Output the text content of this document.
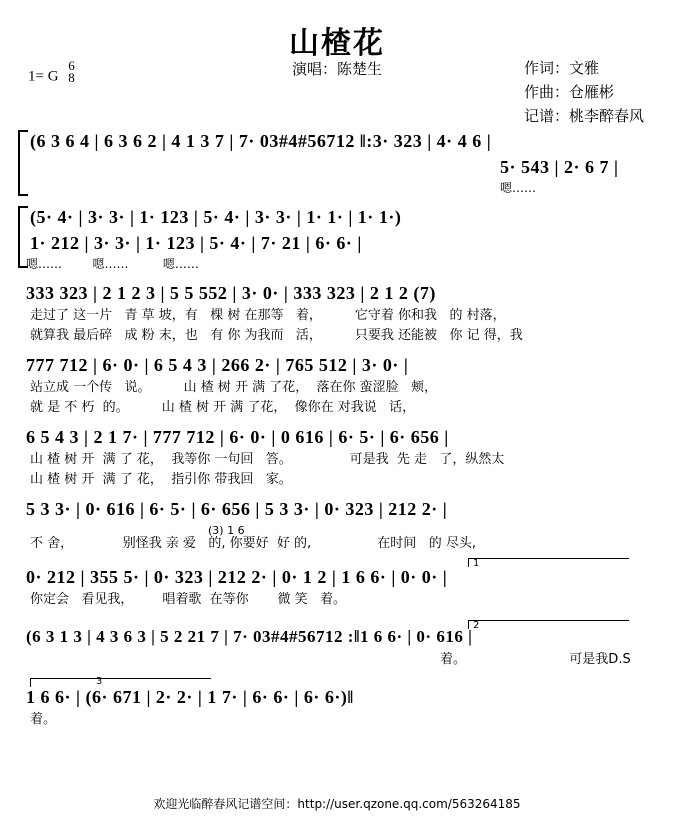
山楂花
演唱：陈楚生
1= G
6
8
作词：文雅
作曲：仓雁彬
记谱：桃李醉春风
(6 3 6 4 | 6 3 6 2 | 4 1 3 7 | 7· 03#4#56712 ‖:3· 323 | 4· 4 6 |
5· 543 | 2· 6 7 |
嗯……
(5· 4· | 3· 3· | 1· 123 | 5· 4· | 3· 3· | 1· 1· | 1· 1·)
1· 212 | 3· 3· | 1· 123 | 5· 4· | 7· 21 | 6· 6· |
嗯……        嗯……         嗯……
333 323 | 2 1 2 3 | 5 5 552 | 3· 0· | 333 323 | 2 1 2 (7)
走过了 这一片   青 草 坡，有   棵 树 在那等   着，        它守着 你和我   的 村落，
就算我 最后碎   成 粉 末，也   有 你 为我而   活，        只要我 还能被   你 记 得，我
777 712 | 6· 0· | 6 5 4 3 | 266 2· | 765 512 | 3· 0· |
站立成 一个传   说。        山 楂 树 开 满 了花，  落在你 蛮涩脸   颊，
就 是 不 朽  的。        山 楂 树 开 满 了花，  像你在 对我说   话，
6 5 4 3 | 2 1 7· | 777 712 | 6· 0· | 0 616 | 6· 5· | 6· 656 |
山 楂 树 开  满 了 花，  我等你 一句回   答。              可是我  先 走   了，纵然太
山 楂 树 开  满 了 花，  指引你 带我回   家。
5 3 3· | 0· 616 | 6· 5· | 6· 656 | 5 3 3· | 0· 323 | 212 2· |
(3) 1 6
不 舍，            别怪我 亲 爱   的, 你要好  好 的,                在时间   的 尽头,
1
0· 212 | 355 5· | 0· 323 | 212 2· | 0· 1 2 | 1 6 6· | 0· 0· |
你定会   看见我，       唱着歌  在等你       微 笑   着。
2
(6 3 1 3 | 4 3 6 3 | 5 2 21 7 | 7· 03#4#56712 :‖1 6 6· | 0· 616 |
着。                         可是我D.S
3
1 6 6· | (6· 671 | 2· 2· | 1 7· | 6· 6· | 6· 6·)‖
着。
欢迎光临醉春风记谱空间：http://user.qzone.qq.com/563264185
